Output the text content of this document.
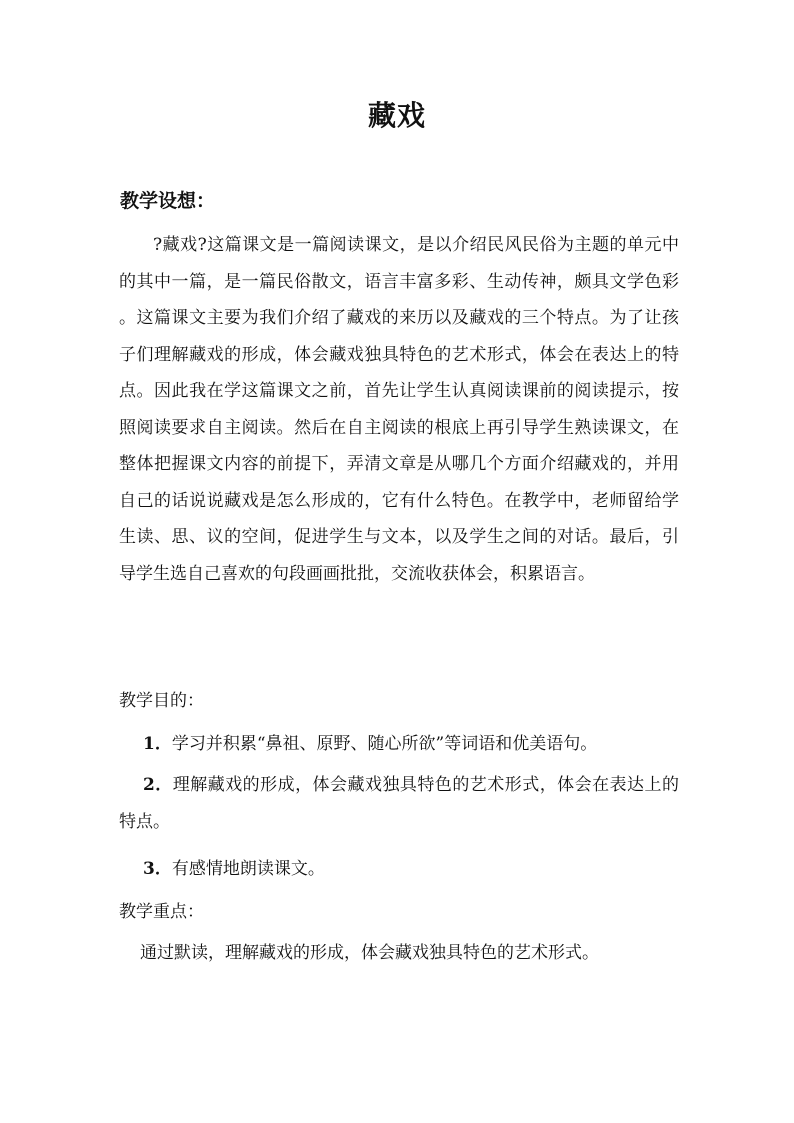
藏戏
教学设想：

?藏戏?这篇课文是一篇阅读课文，是以介绍民风民俗为主题的单元中的其中一篇，是一篇民俗散文，语言丰富多彩、生动传神，颇具文学色彩 。这篇课文主要为我们介绍了藏戏的来历以及藏戏的三个特点。为了让孩子们理解藏戏的形成，体会藏戏独具特色的艺术形式，体会在表达上的特点。因此我在学这篇课文之前，首先让学生认真阅读课前的阅读提示，按照阅读要求自主阅读。然后在自主阅读的根底上再引导学生熟读课文，在整体把握课文内容的前提下，弄清文章是从哪几个方面介绍藏戏的，并用自己的话说说藏戏是怎么形成的，它有什么特色。在教学中，老师留给学生读、思、议的空间，促进学生与文本，以及学生之间的对话。最后，引导学生选自己喜欢的句段画画批批，交流收获体会，积累语言。

教学目的：
1．学习并积累“鼻祖、原野、随心所欲”等词语和优美语句。
2．理解藏戏的形成，体会藏戏独具特色的艺术形式，体会在表达上的特点。
3．有感情地朗读课文。
教学重点：
通过默读，理解藏戏的形成，体会藏戏独具特色的艺术形式。
